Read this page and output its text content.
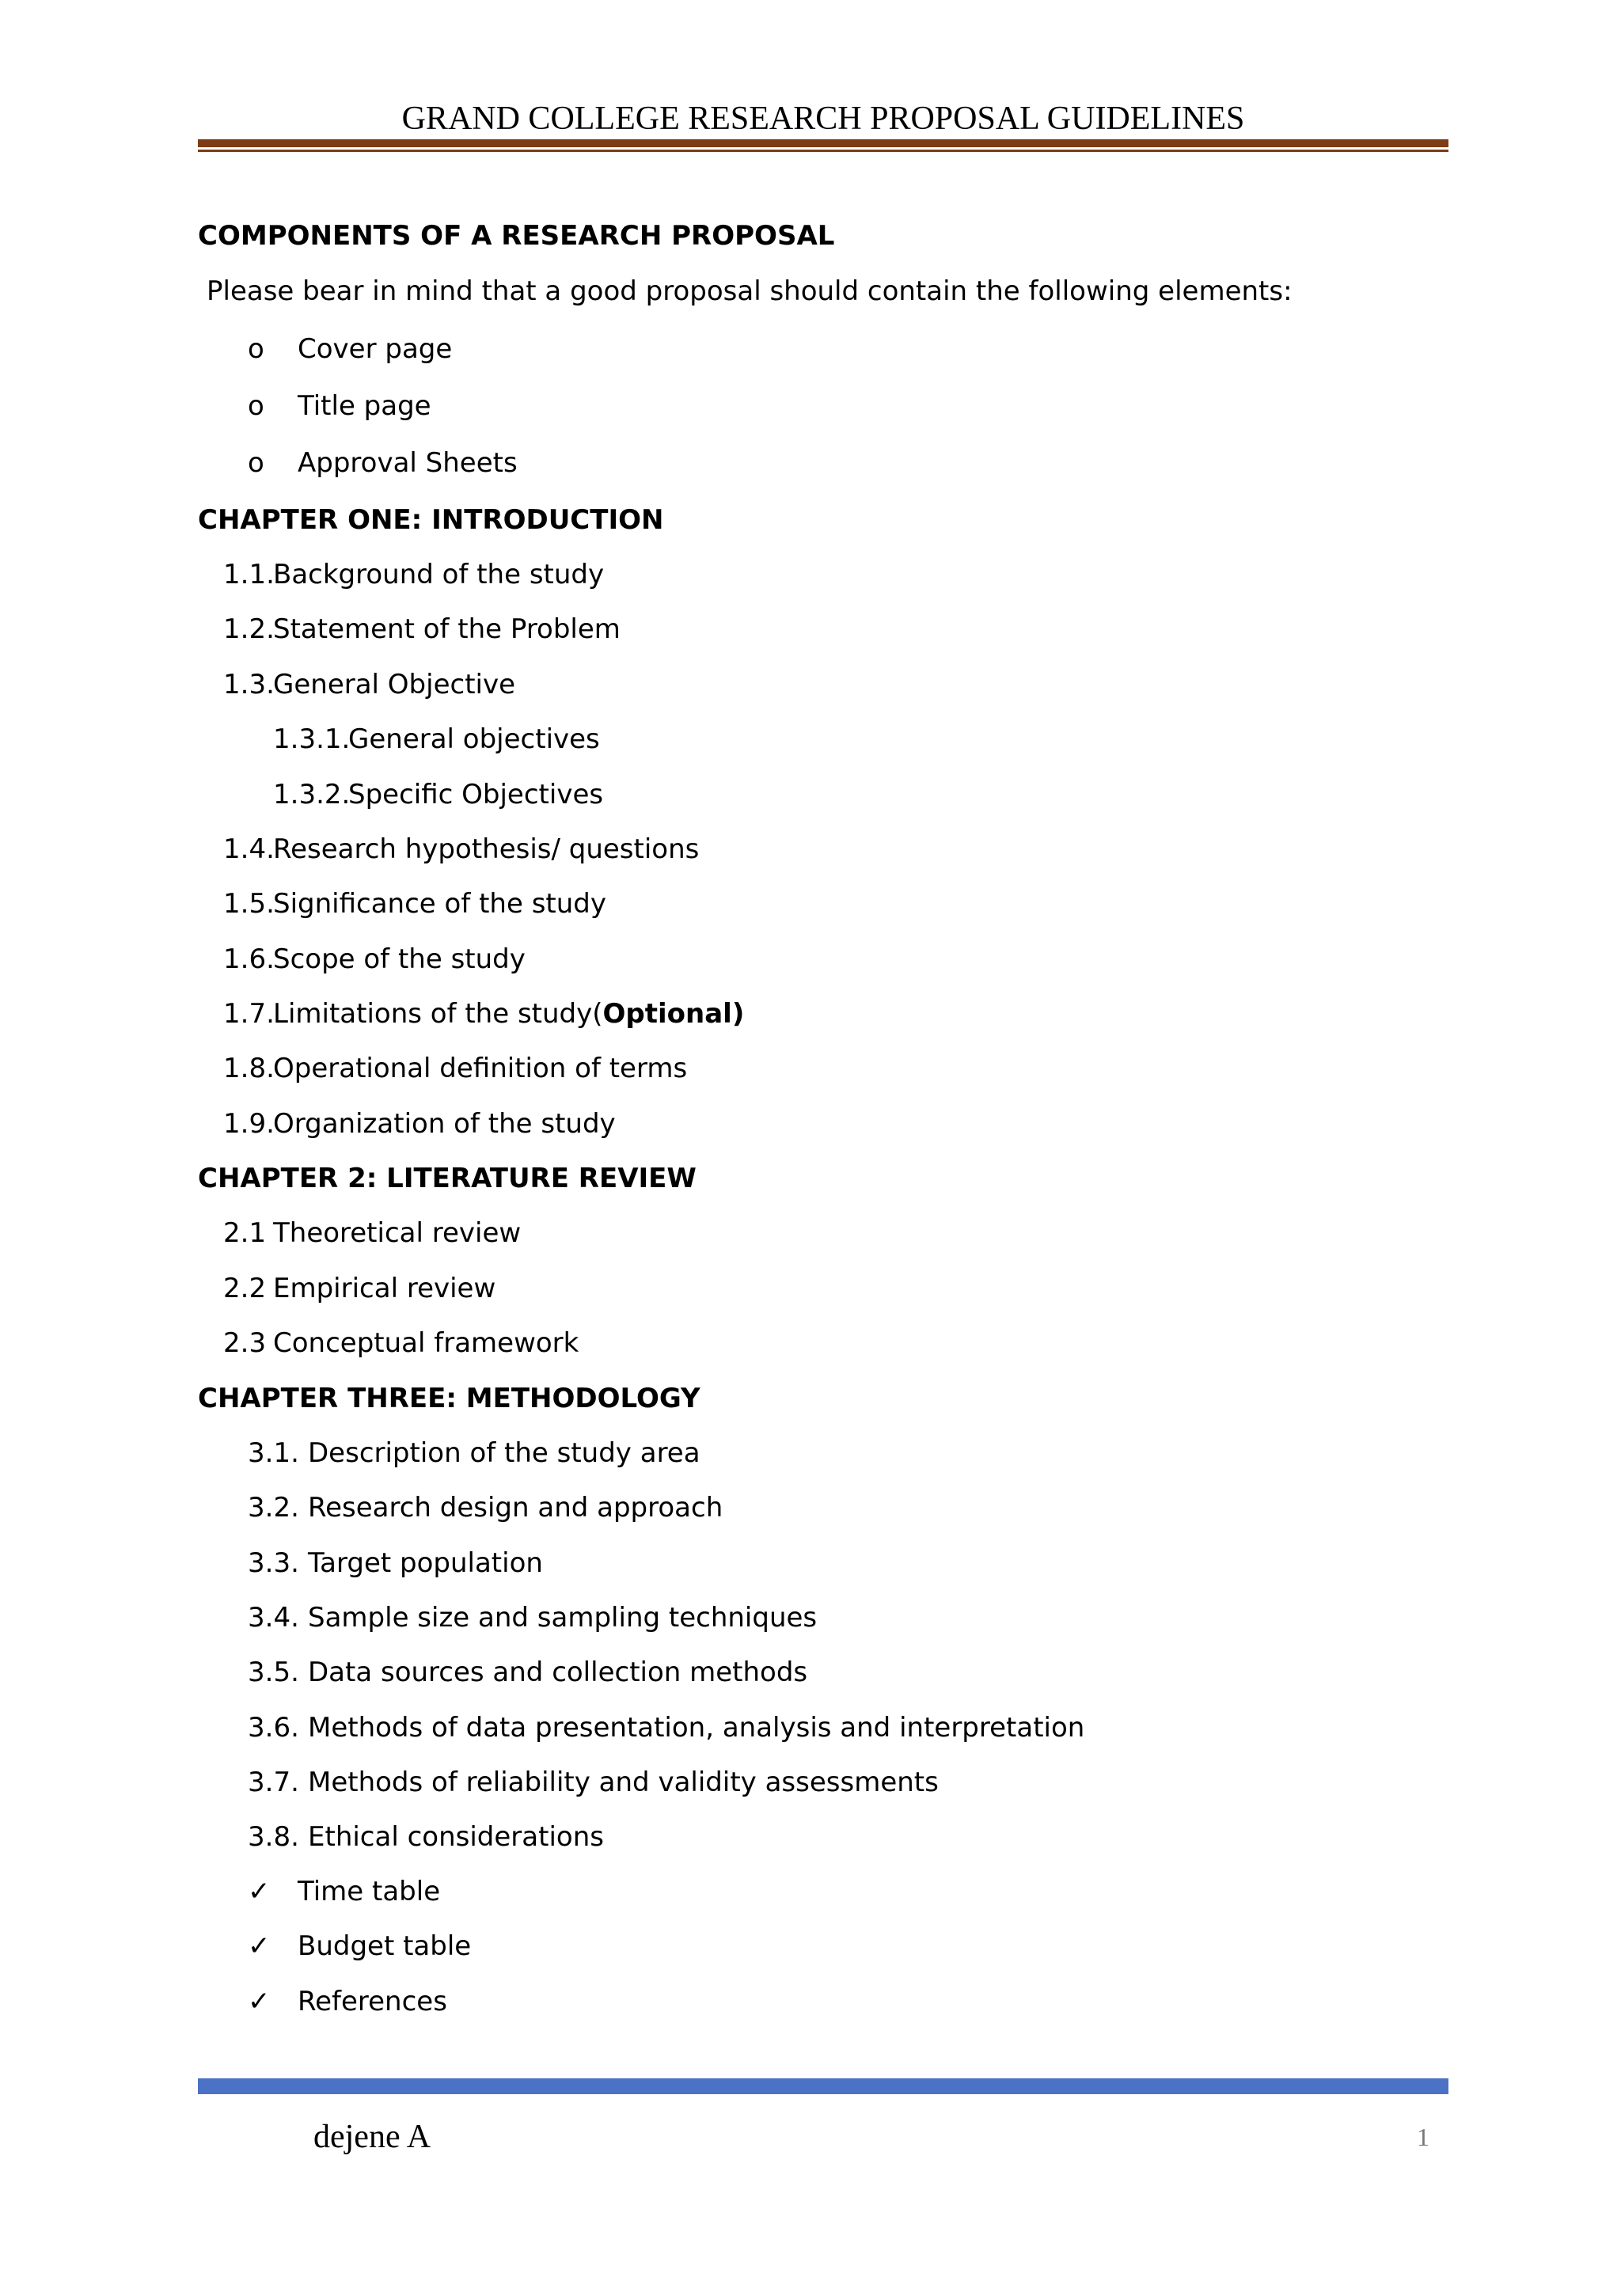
GRAND COLLEGE RESEARCH PROPOSAL GUIDELINES
COMPONENTS OF A RESEARCH PROPOSAL
Please bear in mind that a good proposal should contain the following elements:
o Cover page
o Title page
o Approval Sheets
CHAPTER ONE: INTRODUCTION
1.1.
Background of the study
1.2.
Statement of the Problem
1.3.
General Objective
1.3.1.
General objectives
1.3.2.
Specific Objectives
1.4.
Research hypothesis/ questions
1.5.
Significance of the study
1.6.
Scope of the study
1.7.
Limitations of the study(Optional)
1.8.
Operational definition of terms
1.9.
Organization of the study
CHAPTER 2: LITERATURE REVIEW
2.1 Theoretical review
2.2 Empirical review
2.3 Conceptual framework
CHAPTER THREE: METHODOLOGY
3.1. Description of the study area
3.2. Research design and approach
3.3. Target population
3.4. Sample size and sampling techniques
3.5. Data sources and collection methods
3.6. Methods of data presentation, analysis and interpretation
3.7. Methods of reliability and validity assessments
3.8. Ethical considerations
✓ Time table
✓ Budget table
✓ References
dejene A	1
